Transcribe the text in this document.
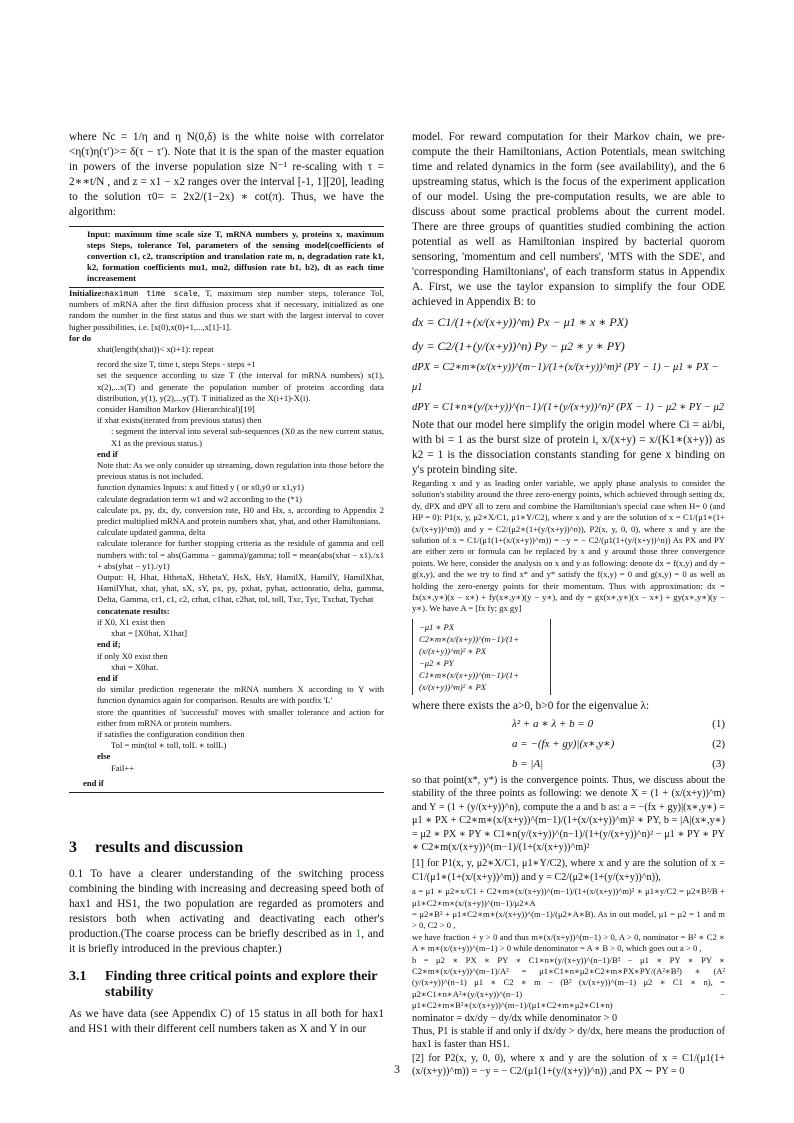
where Nc = 1/η and η N(0,δ) is the white noise with correlator <η(τ)η(τ′)>= δ(τ − τ′). Note that it is the span of the master equation in powers of the inverse population size N⁻¹ re-scaling with τ = 2∗∗t/N , and z = x1 − x2 ranges over the interval [-1, 1][20], leading to the solution τ0= = 2x2/(1−2x) ∗ cot(π). Thus, we have the algorithm:

Input: maximum time scale size T, mRNA numbers y, proteins x, maximum steps Steps, tolerance Tol, parameters of the sensing model(coefficients of convertion c1, c2, transcription and translation rate m, n, degradation rate k1, k2, formation coefficients mu1, mu2, diffusion rate b1, b2), dt as each time increasement

Initialize:maximum time scale, T, maximum step number steps, tolerance Tol, numbers of mRNA after the first diffusion process xhat if necessary, initialized as one random the number in the first status and thus we start with the largest interval to cover higher possibilities, i.e. [x(0),x(0)+1,...,x[1]-1].

for do

xhat(length(xhat))< x(i+1): repeat

record the size T, time t, steps Steps - steps +1

set the sequence according to size T (the interval for mRNA numbers) x(1), x(2),...x(T) and generate the population number of proteins according data distribution, y(1), y(2),...y(T). T initialized as the X(i+1)-X(i).

consider Hamilton Markov (Hierarchical)[19]

if xhat exists(iterated from previous status) then

: segment the interval into several sub-sequences (X0 as the new current status, X1 as the previous status.)

end if

Note that: As we only consider up streaming, down regulation into those before the previous status is not included.

function dynamics Inputs: x and fitted y ( or x0,y0 or x1,y1)

calculate degradation term w1 and w2 according to the (*1)

calculate px, py, dx, dy, conversion rate, H0 and Hx, s, according to Appendix 2 predict multiplied mRNA and protein numbers xhat, yhat, and other Hamiltonians.

calculate updated gamma, delta

calculate tolerance for further stopping criteria as the residule of gamma and cell numbers with: tol = abs(Gamma − gamma)/gamma; toll = mean(abs(xhat − x1)./x1 + abs(yhat − y1)./y1)

Output: H, Hhat, HthetaX, HthetaY, HsX, HsY, HamilX, HamilY, HamilXhat, HamilYhat, xhat, yhat, sX, sY, px, py, pxhat, pyhat, actionratio, delta, gamma, Delta, Gamma, cr1, c1, c2, crhat, c1hat, c2hat, tol, toll, Txc, Tyc, Txchat, Tychat

concatenate results:

if X0, X1 exist then

xhat = [X0hat, X1hat]

end if;

if only X0 exist then

xhat = X0hat.

end if

do similar prediction regenerate the mRNA numbers X according to Y with function dynamics again for comparison. Results are with postfix 'L'

store the quantities of 'successful' moves with smaller tolerance and action for either from mRNA or protein numbers.

if satisfies the configuration condition then

Tol = min(tol ∗ toll, tolL ∗ tollL)

else

Fail++

end if

3 results and discussion

0.1 To have a clearer understanding of the switching process combining the binding with increasing and decreasing speed both of hax1 and HS1, the two population are regarded as promoters and resistors both when activating and deactivating each other's production.(The coarse process can be briefly described as in 1, and it is briefly introduced in the previous chapter.)

3.1	Finding three critical points and explore their stability

As we have data (see Appendix C) of 15 status in all both for hax1 and HS1 with their different cell numbers taken as X and Y in our

model. For reward computation for their Markov chain, we pre-compute the their Hamiltonians, Action Potentials, mean switching time and related dynamics in the form (see availability), and the 6 upstreaming status, which is the focus of the experiment application of our model. Using the pre-computation results, we are able to discuss about some practical problems about the current model. There are three groups of quantities studied combining the action potential as well as Hamiltonian inspired by bacterial quorom sensoring, 'momentum and cell numbers', 'MTS with the SDE', and 'corresponding Hamiltonians', of each transform status in Appendix A. First, we use the taylor expansion to simplify the four ODE achieved in Appendix B: to

dx = C1/(1+(x/(x+y))^m) Px − μ1 ∗ x ∗ PX)

dy = C2/(1+(y/(x+y))^n) Py − μ2 ∗ y ∗ PY)

dPX = C2∗m∗(x/(x+y))^(m−1)/(1+(x/(x+y))^m)² (PY − 1) − μ1 ∗ PX − μ1

dPY = C1∗n∗(y/(x+y))^(n−1)/(1+(y/(x+y))^n)² (PX − 1) − μ2 ∗ PY − μ2

Note that our model here simplify the origin model where Ci = ai/bi, with bi = 1 as the burst size of protein i, x/(x+y) = x/(K1∗(x+y)) as k2 = 1 is the dissociation constants standing for gene x binding on y's protein binding site.

Regarding x and y as leading order variable, we apply phase analysis to consider the solution's stability around the three zero-energy points, which achieved through setting dx, dy, dPX and dPY all to zero and combine the Hamiltonian's special case when H= 0 (and HP = 0): P1(x, y, μ2∗X/C1, μ1∗Y/C2), where x and y are the solution of x = C1/(μ1∗(1+(x/(x+y))^m)) and y = C2/(μ2∗(1+(y/(x+y))^n)), P2(x, y, 0, 0), where x and y are the solution of x = C1/(μ1(1+(x/(x+y))^m)) = −y = − C2/(μ1(1+(y/(x+y))^n)) As PX and PY are either zero or formula can be replaced by x and y around those three convergence points. We here, consider the analysis on x and y as following: denote dx = f(x,y) and dy = g(x,y), and the we try to find x* and y* satisfy the f(x,y) = 0 and g(x,y) = 0 as well as holding the zero-energy points for their momentum. Thus with approximation: dx = fx(x∗,y∗)(x − x∗) + fy(x∗,y∗)(y − y∗), and dy = gx(x∗,y∗)(x − x∗) + gy(x∗,y∗)(y − y∗). We have A = [fx fy; gx gy]

−μ1 ∗ PX C2∗m∗(x/(x+y))^(m−1)/(1+(x/(x+y))^m)² ∗ PX
−μ2 ∗ PY C1∗m∗(x/(x+y))^(m−1)/(1+(x/(x+y))^m)² ∗ PX

where there exists the a>0, b>0 for the eigenvalue λ:

λ² + a ∗ λ + b = 0	(1)
a = −(fx + gy)|(x∗,y∗)	(2)
b = |A|	(3)

so that point(x*, y*) is the convergence points. Thus, we discuss about the stability of the three points as following: we denote X = (1 + (x/(x+y))^m) and Y = (1 + (y/(x+y))^n), compute the a and b as: a = −(fx + gy)|(x∗,y∗) = μ1 ∗ PX + C2∗m∗(x/(x+y))^(m−1)/(1+(x/(x+y))^m)² ∗ PY, b = |A|(x∗,y∗) = μ2 ∗ PX ∗ PY ∗ C1∗n(y/(x+y))^(n−1)/(1+(y/(x+y))^n)² − μ1 ∗ PY ∗ PY ∗ C2∗m(x/(x+y))^(m−1)/(1+(x/(x+y))^m)²

[1] for P1(x, y, μ2∗X/C1, μ1∗Y/C2), where x and y are the solution of x = C1/(μ1∗(1+(x/(x+y))^m)) and y = C2/(μ2∗(1+(y/(x+y))^n)),

a = μ1 ∗ μ2∗x/C1 + C2∗m∗(x/(x+y))^(m−1)/(1+(x/(x+y))^m)² ∗ μ1∗y/C2 = μ2∗B²/B + μ1∗C2∗m∗(x/(x+y))^(m−1)/μ2∗A

= μ2∗B² + μ1∗C2∗m∗(x/(x+y))^(m−1)/(μ2∗A∗B). As in out model, μ1 = μ2 = 1 and m > 0, C2 > 0 ,

we have fraction + y > 0 and thus m∗(x/(x+y))^(m−1) > 0, A > 0, nominator = B² ∗ C2 ∗ A ∗ m∗(x/(x+y))^(m−1) > 0 while denominator = A ∗ B > 0, which goes out a > 0 ,

b = μ2 ∗ PX ∗ PY ∗ C1∗n∗(y/(x+y))^(n−1)/B² − μ1 ∗ PY ∗ PY ∗ C2∗m∗(x/(x+y))^(m−1)/A² = μ1∗C1∗n∗μ2∗C2∗m∗PX∗PY/(A²∗B²) ∗ (A² (y/(x+y))^(n−1) μ1 ∗ C2 ∗ m − (B² (x/(x+y))^(m−1) μ2 ∗ C1 ∗ n), = μ2∗C1∗n∗A²∗(y/(x+y))^(n−1) − μ1∗C2∗m∗B²∗(x/(x+y))^(m−1)/(μ1∗C2∗m∗μ2∗C1∗n)

nominator = dx/dy − dy/dx while denominator > 0

Thus, P1 is stable if and only if dx/dy > dy/dx, here means the production of hax1 is faster than HS1.

[2] for P2(x, y, 0, 0), where x and y are the solution of x = C1/(μ1(1+(x/(x+y))^m)) = −y = − C2/(μ1(1+(y/(x+y))^n)) ,and PX ∼ PY = 0

3
